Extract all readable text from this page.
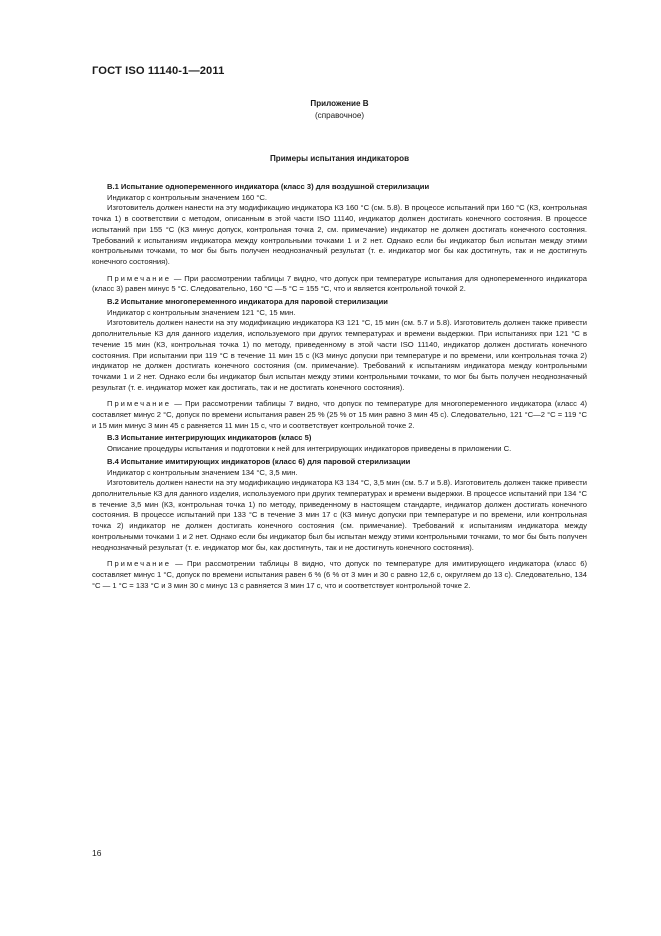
ГОСТ ISO 11140-1—2011
Приложение В
(справочное)
Примеры испытания индикаторов
В.1 Испытание однопеременного индикатора (класс 3) для воздушной стерилизации

Индикатор с контрольным значением 160 °С.

Изготовитель должен нанести на эту модификацию индикатора КЗ 160 °С (см. 5.8). В процессе испытаний при 160 °С (КЗ, контрольная точка 1) в соответствии с методом, описанным в этой части ISO 11140, индикатор должен достигать конечного состояния. В процессе испытаний при 155 °С (КЗ минус допуск, контрольная точка 2, см. примечание) индикатор не должен достигать конечного состояния. Требований к испытаниям индикатора между контрольными точками 1 и 2 нет. Однако если бы индикатор был испытан между этими контрольными точками, то мог бы быть получен неоднозначный результат (т. е. индикатор мог бы как достигнуть, так и не достигнуть конечного состояния).

Примечание — При рассмотрении таблицы 7 видно, что допуск при температуре испытания для однопеременного индикатора (класс 3) равен минус 5 °С. Следовательно, 160 °С —5 °С = 155 °С, что и является контрольной точкой 2.

В.2 Испытание многопеременного индикатора для паровой стерилизации

Индикатор с контрольным значением 121 °С, 15 мин.

Изготовитель должен нанести на эту модификацию индикатора КЗ 121 °С, 15 мин (см. 5.7 и 5.8). Изготовитель должен также привести дополнительные КЗ для данного изделия, используемого при других температурах и времени выдержки. При испытаниях при 121 °С в течение 15 мин (КЗ, контрольная точка 1) по методу, приведенному в этой части ISO 11140, индикатор должен достигать конечного состояния. При испытании при 119 °С в течение 11 мин 15 с (КЗ минус допуски при температуре и по времени, или контрольная точка 2) индикатор не должен достигать конечного состояния (см. примечание). Требований к испытаниям индикатора между контрольными точками 1 и 2 нет. Однако если бы индикатор был испытан между этими контрольными точками, то мог бы быть получен неоднозначный результат (т. е. индикатор может как достигать, так и не достигать конечного состояния).

Примечание — При рассмотрении таблицы 7 видно, что допуск по температуре для многопеременного индикатора (класс 4) составляет минус 2 °С, допуск по времени испытания равен 25 % (25 % от 15 мин равно 3 мин 45 с). Следовательно, 121 °С—2 °С = 119 °С и 15 мин минус 3 мин 45 с равняется 11 мин 15 с, что и соответствует контрольной точке 2.

В.3 Испытание интегрирующих индикаторов (класс 5)

Описание процедуры испытания и подготовки к ней для интегрирующих индикаторов приведены в приложении С.

В.4 Испытание имитирующих индикаторов (класс 6) для паровой стерилизации

Индикатор с контрольным значением 134 °С, 3,5 мин.

Изготовитель должен нанести на эту модификацию индикатора КЗ 134 °С, 3,5 мин (см. 5.7 и 5.8). Изготовитель должен также привести дополнительные КЗ для данного изделия, используемого при других температурах и времени выдержки. В процессе испытаний при 134 °С в течение 3,5 мин (КЗ, контрольная точка 1) по методу, приведенному в настоящем стандарте, индикатор должен достигать конечного состояния. В процессе испытаний при 133 °С в течение 3 мин 17 с (КЗ минус допуски при температуре и по времени, или контрольная точка 2) индикатор не должен достигать конечного состояния (см. примечание). Требований к испытаниям индикатора между контрольными точками 1 и 2 нет. Однако если бы индикатор был бы испытан между этими контрольными точками, то мог бы быть получен неоднозначный результат (т. е. индикатор мог бы, как достигнуть, так и не достигнуть конечного состояния).

Примечание — При рассмотрении таблицы 8 видно, что допуск по температуре для имитирующего индикатора (класс 6) составляет минус 1 °С, допуск по времени испытания равен 6 % (6 % от 3 мин и 30 с равно 12,6 с, округляем до 13 с). Следовательно, 134 °С — 1 °С = 133 °С и 3 мин 30 с минус 13 с равняется 3 мин 17 с, что и соответствует контрольной точке 2.

16
